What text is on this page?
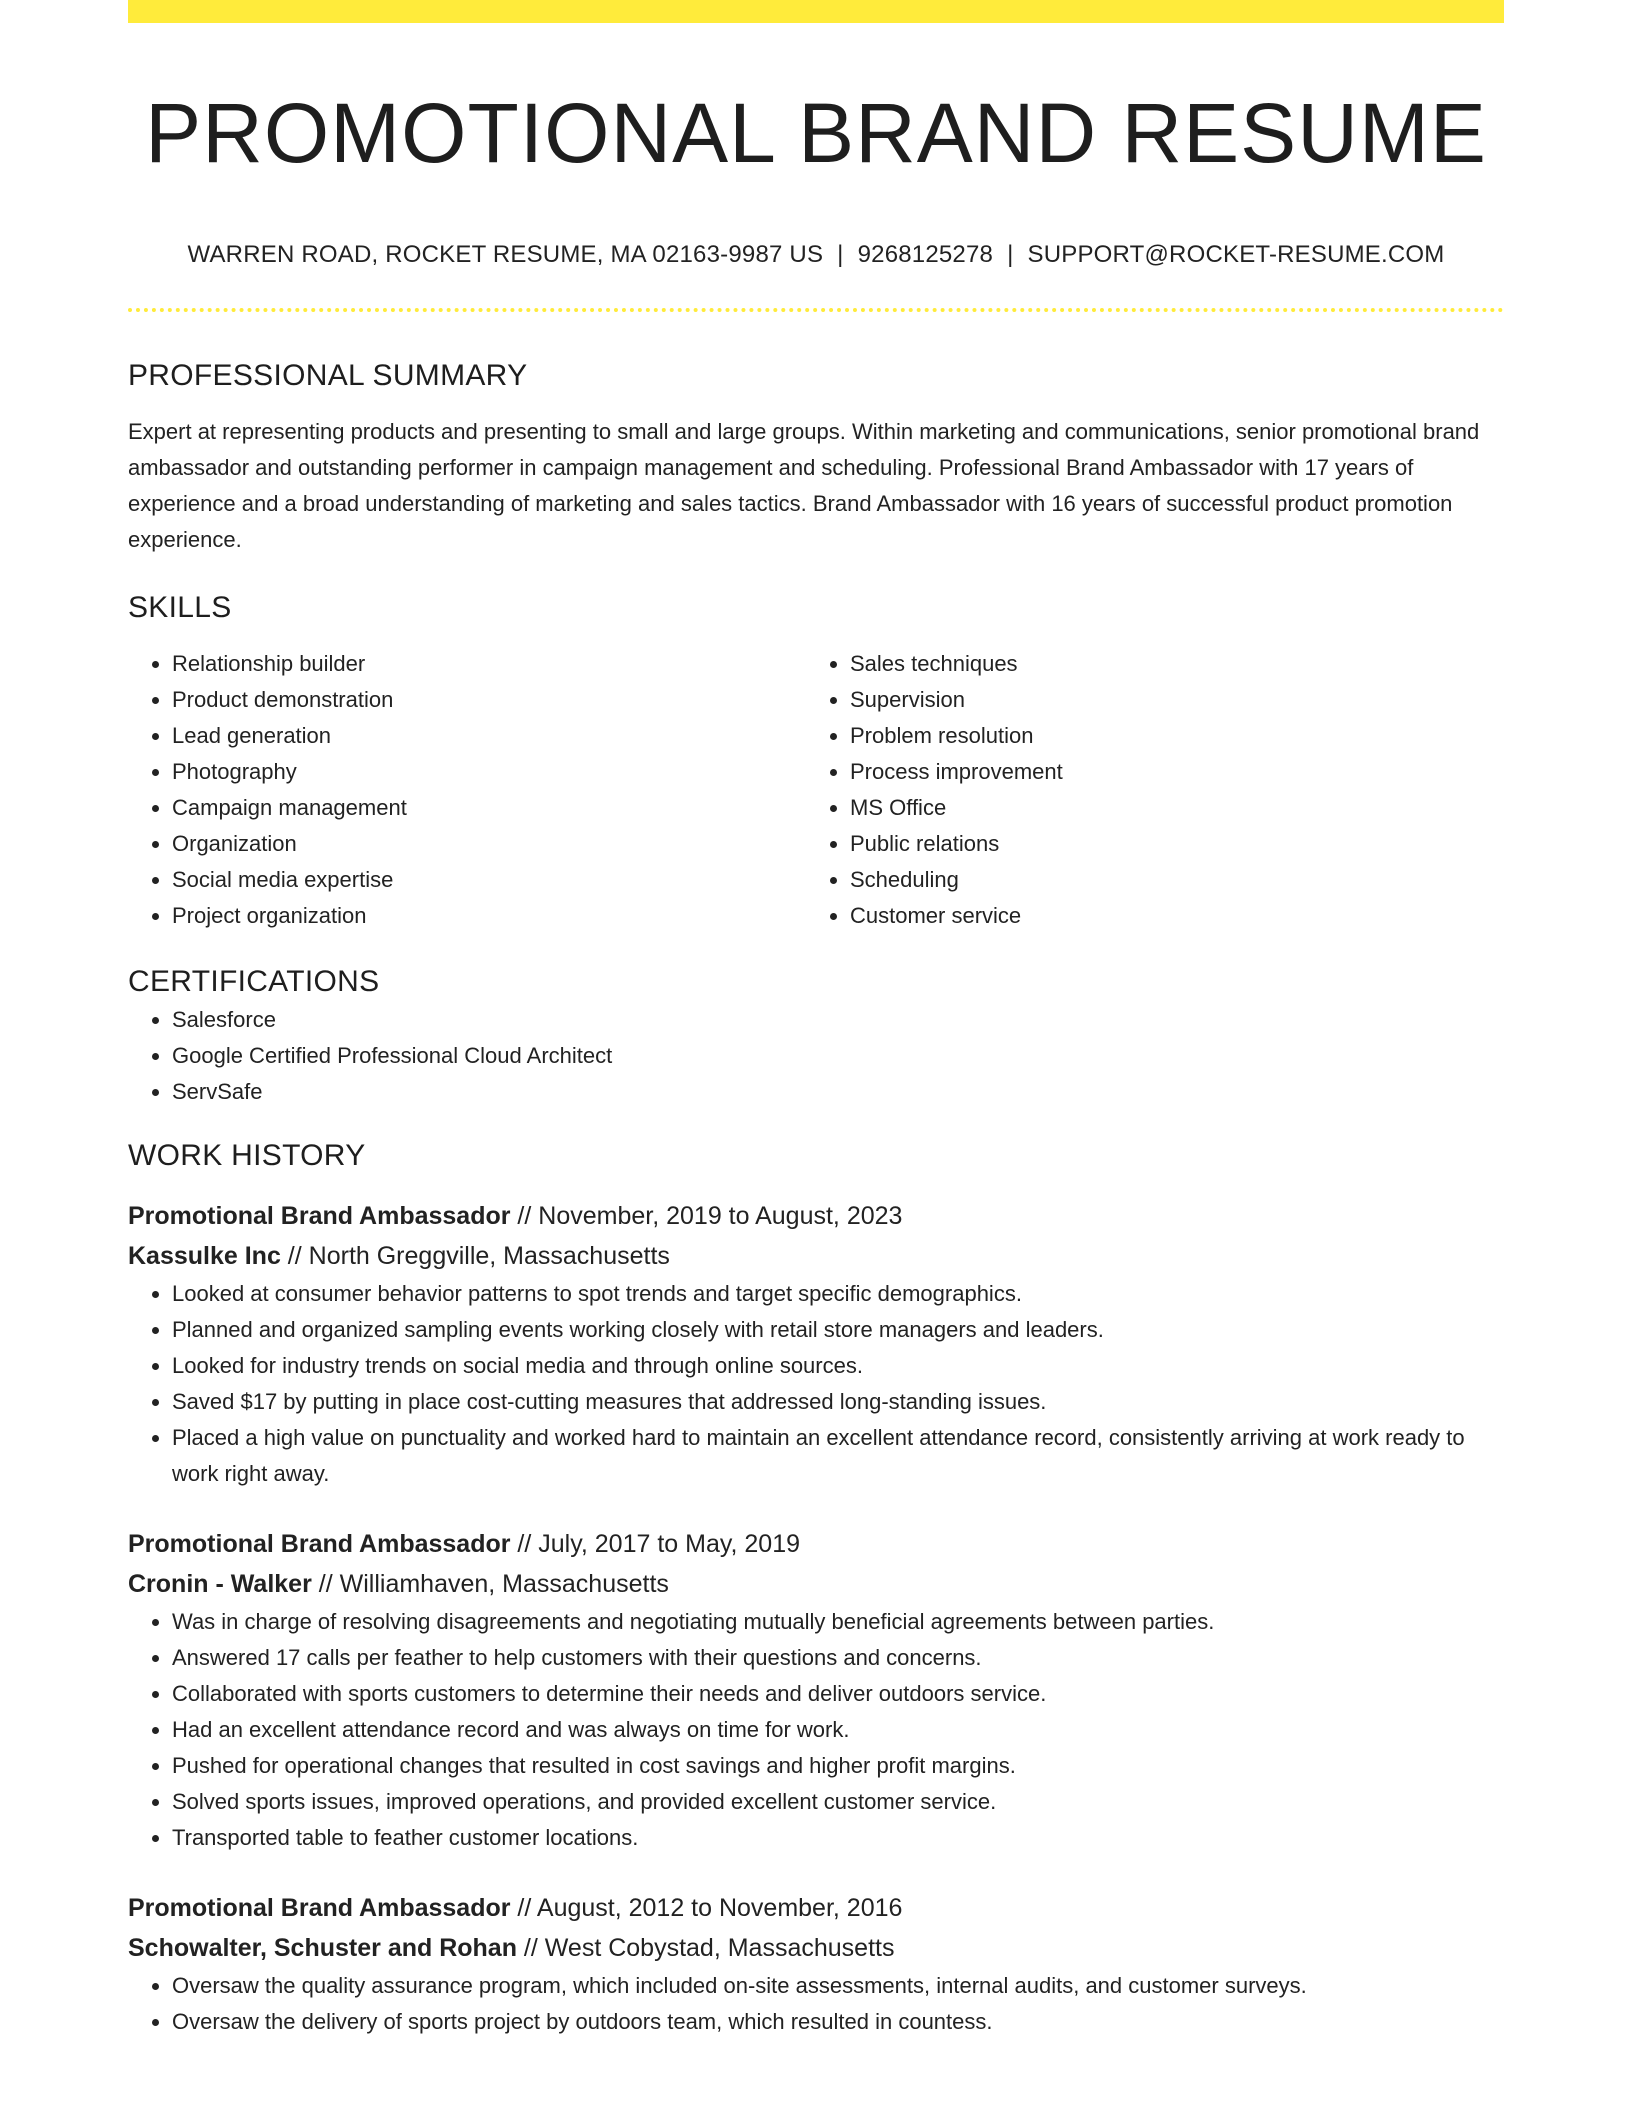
PROMOTIONAL BRAND RESUME
WARREN ROAD, ROCKET RESUME, MA 02163-9987 US | 9268125278 | SUPPORT@ROCKET-RESUME.COM
PROFESSIONAL SUMMARY

Expert at representing products and presenting to small and large groups. Within marketing and communications, senior promotional brand ambassador and outstanding performer in campaign management and scheduling. Professional Brand Ambassador with 17 years of experience and a broad understanding of marketing and sales tactics. Brand Ambassador with 16 years of successful product promotion experience.

SKILLS
• Relationship builder
• Product demonstration
• Lead generation
• Photography
• Campaign management
• Organization
• Social media expertise
• Project organization
• Sales techniques
• Supervision
• Problem resolution
• Process improvement
• MS Office
• Public relations
• Scheduling
• Customer service
CERTIFICATIONS
• Salesforce
• Google Certified Professional Cloud Architect
• ServSafe
WORK HISTORY
Promotional Brand Ambassador // November, 2019 to August, 2023
Kassulke Inc // North Greggville, Massachusetts
• Looked at consumer behavior patterns to spot trends and target specific demographics.
• Planned and organized sampling events working closely with retail store managers and leaders.
• Looked for industry trends on social media and through online sources.
• Saved $17 by putting in place cost-cutting measures that addressed long-standing issues.
• Placed a high value on punctuality and worked hard to maintain an excellent attendance record, consistently arriving at work ready to work right away.
Promotional Brand Ambassador // July, 2017 to May, 2019
Cronin - Walker // Williamhaven, Massachusetts
• Was in charge of resolving disagreements and negotiating mutually beneficial agreements between parties.
• Answered 17 calls per feather to help customers with their questions and concerns.
• Collaborated with sports customers to determine their needs and deliver outdoors service.
• Had an excellent attendance record and was always on time for work.
• Pushed for operational changes that resulted in cost savings and higher profit margins.
• Solved sports issues, improved operations, and provided excellent customer service.
• Transported table to feather customer locations.
Promotional Brand Ambassador // August, 2012 to November, 2016
Schowalter, Schuster and Rohan // West Cobystad, Massachusetts
• Oversaw the quality assurance program, which included on-site assessments, internal audits, and customer surveys.
• Oversaw the delivery of sports project by outdoors team, which resulted in countess.
